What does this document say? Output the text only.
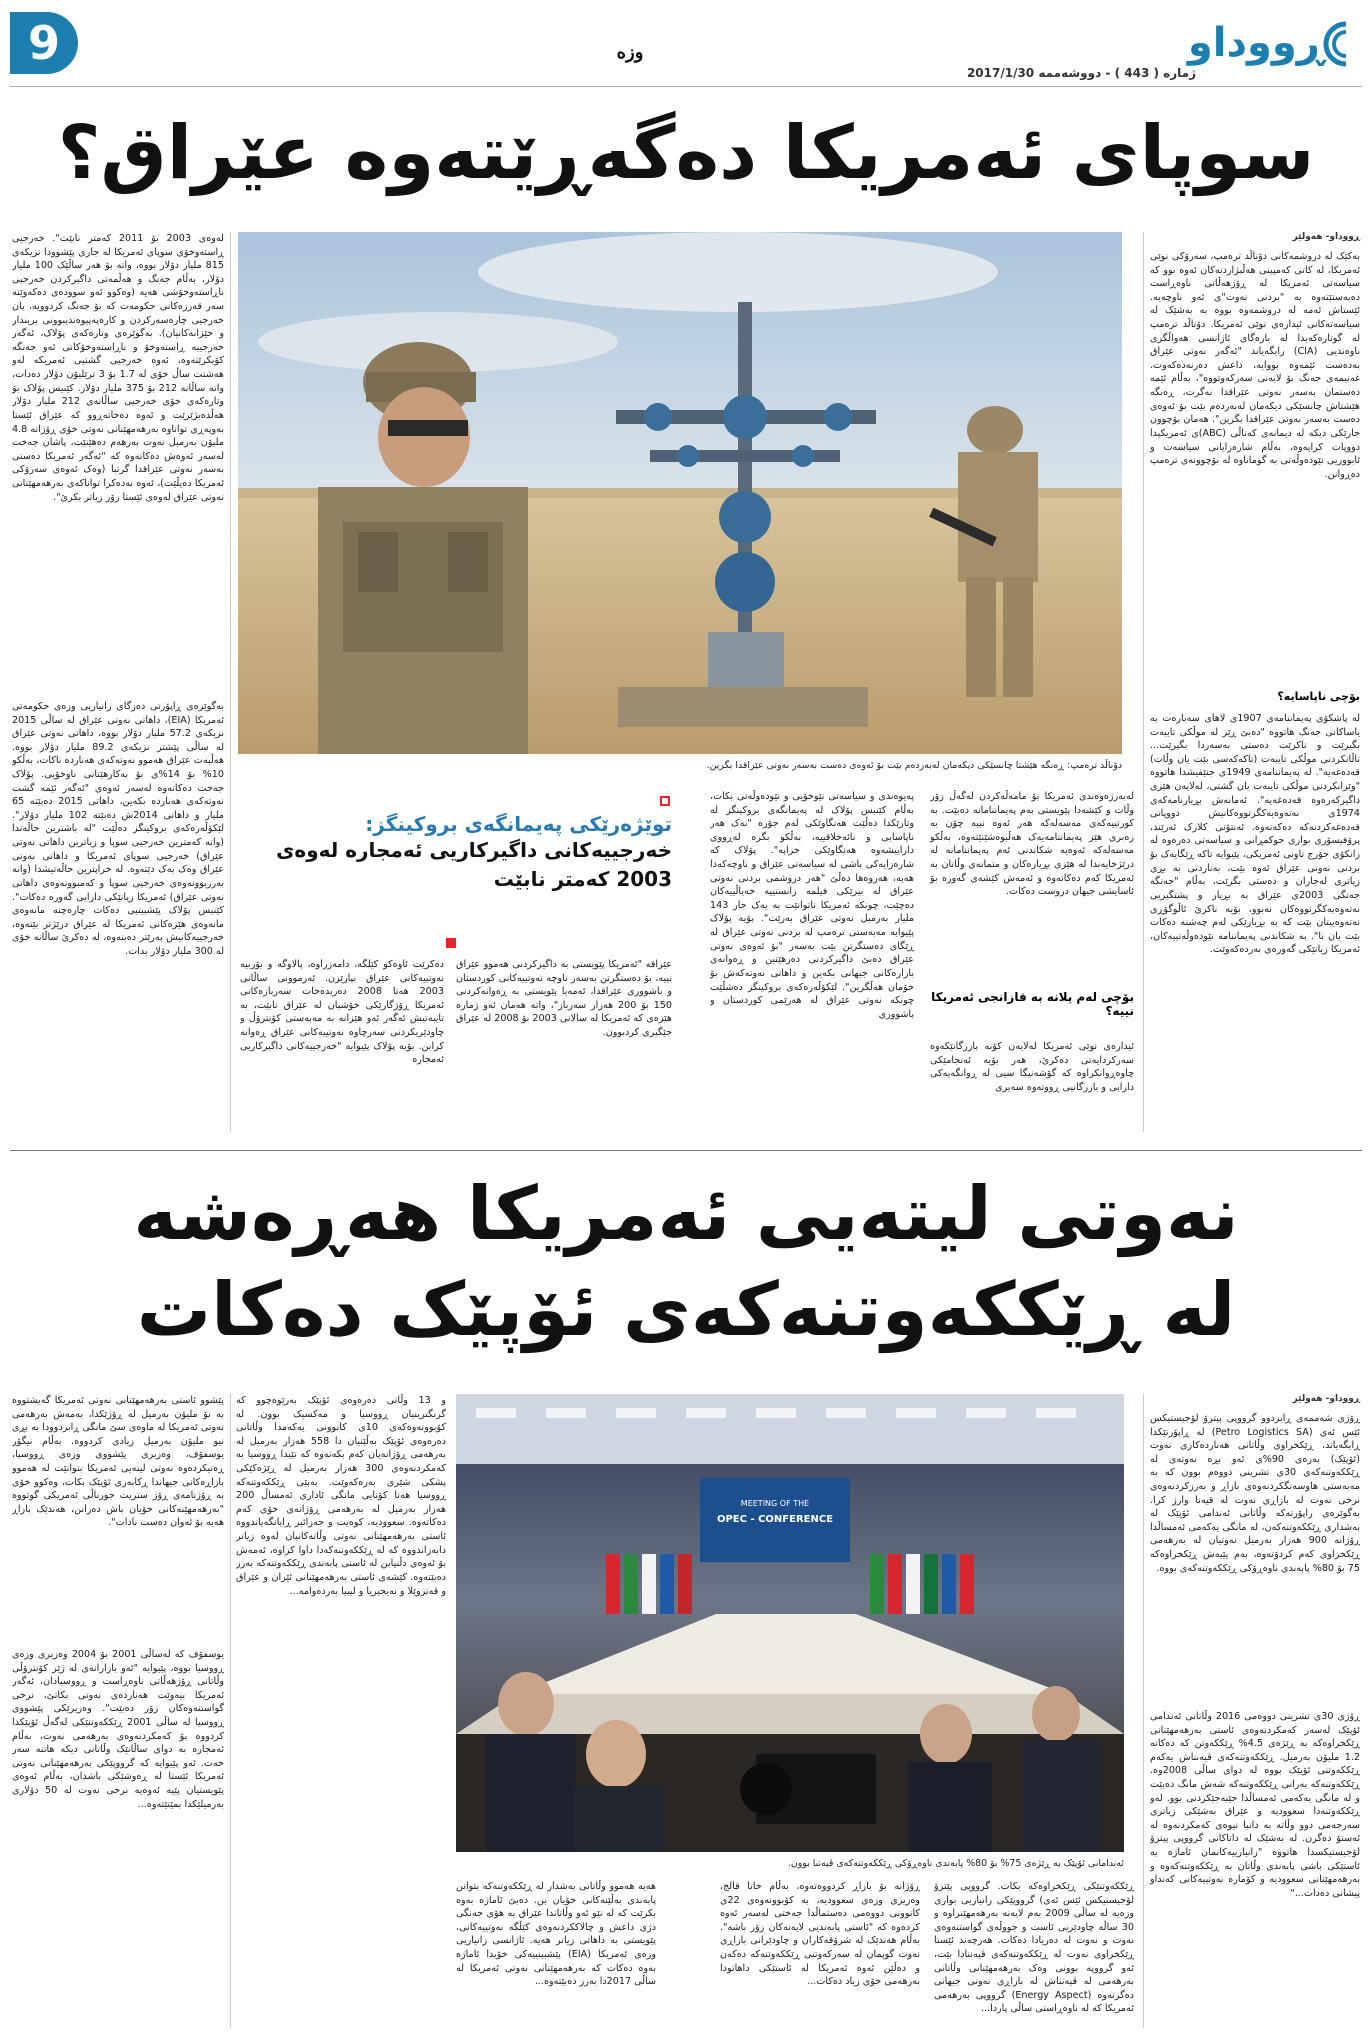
9	وزە	ڕووداو
ژمارە ( 443 ) - دووشەممە 2017/1/30
سوپای ئەمریکا دەگەڕێتەوە عێراق؟
ڕووداو- هەولێر
بەکێک لە دروشمەکانی دۆناڵد ترەمپ، سەرۆکی نوێی ئەمریکا، لە کاتی کەمپینی هەڵبژاردنەکان ئەوە بوو کە سیاسەتی ئەمریکا لە ڕۆژهەڵاتی ناوەڕاست دەبەستێتەوە بە "بردنی نەوت"ی ئەو ناوچەیە. ئێستاش ئەمە لە دروشمەوە بووە بە بەشێک لە سیاسەتەکانی ئیدارەی نوێی ئەمریکا. دۆناڵد ترەمپ لە گوتارەکەیدا لە بارەگای ئاژانسی هەواڵگری ناوەندیی (CIA) رایگەیاند "ئەگەر نەوتی عێراق بەدەست ئێمەوە بووایە، داعش دەرنەدەکەوت. غەنیمەی جەنگ بۆ لایەنی سەرکەوتووە"، بەڵام ئێمە دەستمان بەسەر نەوتی عێراقدا نەگرت، ڕەنگە هێشتاش چانسێکی دیکەمان لەبەردەم بێت بۆ ئەوەی دەست بەسەر نەوتی عێراقدا بگرین". هەمان بۆچوون جارێکی دیکە لە دیمانەی کەناڵی (ABC)ی ئەمریکیدا دووپات کرایەوە، بەڵام شارەزایانی سیاسەت و ئابووریی نێودەوڵەتی بە گوماناوە لە بۆچوونەی ترەمپ دەڕوانن.
بۆچی ناپاسایە؟
لە پاشکۆی پەیماننامەی 1907ی لاهای سەبارەت بە یاساکانی جەنگ هاتووە "دەبێ ڕێز لە موڵکی تایبەت بگیرێت و ناکرێت دەستی بەسەردا بگیرێت... تاڵانکردنی موڵکی تایبەت (تاکەکەسی بێت یان وڵات) قەدەغەیە". لە پەیماننامەی 1949ی جنێفیشدا هاتووە "وێرانکردنی موڵکی تایبەت یان گشتی، لەلایەن هێزی داگیرکەرەوە قەدەغەیە". ئەمانەش بڕیارنامەکەی 1974ی نەتەوەیەکگرتووەکانیش دووپاتی قەدەغەکردنەکە دەکەنەوە. ئەنتۆنی کلارک ئەرێند، پرۆفیسۆری بواری حوکمڕانی و سیاسەتی دەرەوە لە زانکۆی جۆرج تاونی ئەمریکی، پێیوایە تاکە ڕێگایەک بۆ بردنی نەوتی عێراق ئەوە بێت، بەناردنی بە بڕی زیاتری لەجاران و دەستی بگرێت، بەڵام "جەنگە جەنگی 2003ی عێراق بە بڕیار و پشتگیریی نەتەوەیەکگرتووەکان نەبوو، بۆیە ناکرێ ئاڵوگۆڕی نەتەوەییتان بێت کە بە بڕیارێکی لەم چەشنە دەکات بێت یان نا". بە شکاندنی پەیماننامە نێودەوڵەتییەکان، ئەمریکا زیانێکی گەورەی بەردەکەوێت.
دۆناڵد ترەمپ: ڕەنگە هێشتا چانسێکی دیکەمان لەبەردەم بێت بۆ ئەوەی دەست بەسەر نەوتی عێراقدا بگرین.
لەوەی 2003 بۆ 2011 کەمتر نابێت". خەرجیی ڕاستەوخۆی سوپای ئەمریکا لە جاری پێشوودا نزیکەی 815 ملیار دۆلار بووە، واتە بۆ هەر ساڵێک 100 ملیار دۆلار، بەڵام جەنگ و هەڵمەتی داگیرکردن خەرجیی ناڕاستەوخۆشی هەیە (وەکوو ئەو سوودەی دەکەوێتە سەر قەرزەکانی حکومەت کە بۆ جەنگ کردوویە، یان خەرجیی چارەسەرکردن و کارەپەپیوەندیبوونی بریندار و خێزانەکانیان). بەگوێرەی وتارەکەی پۆلاک، ئەگەر خەرجییە ڕاستەوخۆ و ناڕاستەوخۆکانی ئەو جەنگە کۆبکرێتەوە، ئەوە خەرجیی گشتیی ئەمریکە لەو هەشتت ساڵ خۆی لە 1.7 بۆ 3 ترێلیۆن دۆلار دەدات، واتە ساڵانە 212 بۆ 375 ملیار دۆلار. کێنیس پۆلاک بۆ وتارەکەی خۆی خەرجیی ساڵانەی 212 ملیار دۆلار هەڵدەبژێرێت و ئەوە دەخاتەڕوو کە عێراق ئێستا بەوپەڕی تواناوە بەرهەمهێنانی نەوتی خۆی ڕۆژانە 4.8 ملیۆن بەرمیل نەوت بەرهەم دەهێنێت، پاشان جەخت لەسەر ئەوەش دەکاتەوە کە "ئەگەر ئەمریکا دەستی بەسەر نەوتی عێراقدا گرتبا (وەک ئەوەی سەرۆکی ئەمریکا دەیڵێت)، ئەوە نەدەکرا تواناکەی بەرهەمهێنانی نەوتی عێراق لەوەی ئێستا زۆر زیاتر بکرێ".
بەگوێرەی ڕاپۆرتی دەزگای زانیاریی وزەی حکومەتی ئەمریکا (EIA)، داهاتی نەوتی عێراق لە ساڵی 2015 نزیکەی 57.2 ملیار دۆلار بووە، داهاتی نەوتی عێراق لە ساڵی پێشتر نزیکەی 89.2 ملیار دۆلار بووە. هەڵبەت عێراق هەموو نەوتەکەی هەناردە ناکات، بەڵکو 10% بۆ 14%ی بۆ بەکارهێنانی ناوخۆیی. پۆلاک جەخت دەکاتەوە لەسەر ئەوەی "ئەگەر ئێمە گشت نەوتەکەی هەناردە بکەین، داهاتی 2015 دەبێتە 65 ملیار و داهاتی 2014ش دەبێتە 102 ملیار دۆلار". لێکۆڵەرەکەی بروکینگز دەڵێت "لە باشترین حاڵەتدا (واتە کەمترین خەرجیی سوپا و زیاترین داهاتی نەوتی عێراق) خەرجیی سوپای ئەمریکا و داهاتی نەوتی عێراق وەک یەک دێتەوە. لە خراپترین حاڵەتیشدا (واتە بەرزبوونەوەی خەرجیی سوپا و کەمبوونەوەی داهاتی نەوتی عێراق) ئەمریکا زیانێکی دارایی گەورە دەکات". کێنیس پۆلاک پێشبینیی دەکات چارەچنە مانەوەی مانەوەی هێزەکانی ئەمریکا لە عێراق درێژتر بێتەوە، خەرجییەکانیش بەرێتر دەبنەوە، لە دەکرێ ساڵانە خۆی لە 300 ملیار دۆلار بدات.
لەبەرژەوەندی ئەمریکا بۆ مامەڵەکردن لەگەڵ زۆر وڵات و کێشەدا پێویستی بەم پەیماننامانە دەبێت. بە کورتییەکەی مەسەلەکە هەر ئەوە نییە چۆن بە زەبری هێز پەیماننامەیەک هەڵبوەشێنێتەوە، بەڵکو مەسەلەکە ئەوەیە شکاندنی ئەم پەیماننامانە لە درێژخایەندا لە هێزی بڕیارەکان و متمانەی وڵاتان بە ئەمریکا کەم دەکاتەوە و ئەمەش کێشەی گەورە بۆ ئاسایشی جیهان دروست دەکات.
بۆچی لەم پلانە بە قازانجی ئەمریکا نییە؟
ئیدارەی نوێی ئەمریکا لەلایەن کۆنە بازرگانێکەوە سەرکردایەتی دەکرێ، هەر بۆیە ئەنجامێکی چاوەڕوانکراوە کە گۆشەنیگا سیی لە ڕوانگەیەکی دارایی و بازرگانیی ڕووتەوە سەیری
پەیوەندی و سیاسەتی نێوخۆیی و نێودەوڵەتی بکات، بەڵام کێنیس پۆلاک لە پەیمانگەی بروکینگز لە وتارێکدا دەڵێت هەنگاوێکی لەم جۆرە "نەک هەر ناپاسایی و نائەخلاقییە، بەڵکو بگرە لەڕووی داراییشەوە هەنگاوێکی خراپە". پۆلاک کە شارەزایەکی باشی لە سیاسەتی عێراق و ناوچەکەدا هەیە، هەروەها دەڵێ "هەر دروشمی بردنی نەوتی عێراق لە بیرێکی فیلمە زانستییە خەیاڵییەکان دەچێت، چونکە ئەمریکا ناتوانێت بە یەک جار 143 ملیار بەرمیل نەوتی عێراق بەرێت". بۆیە پۆلاک پێیوایە مەبەستی ترەمپ لە بردنی نەوتی عێراق لە ڕێگای دەستگرتن بێت بەسەر "بۆ ئەوەی نەوتی عێراق دەبێ داگیرکردنی دەرهێنین و ڕەوانەی بازارەکانی جیهانی بکەین و داهاتی نەوتەکەش بۆ خۆمان هەڵگرین". لێکۆڵەرەکەی بروکینگز دەشڵێت چونکە نەوتی عێراق لە هەرێمی کوردستان و باشووری
توێژەرێکی پەیمانگەی بروکینگز:
خەرجییەکانی داگیرکاریی ئەمجارە لەوەی
2003 کەمتر نابێت
عێراقە "ئەمریکا پێویستی بە داگیرکردنی هەموو عێراق نییە، بۆ دەستگرتن بەسەر ناوچە نەوتییەکانی کوردستان و باشووری عێراقدا، ئەمەیا پێویستی بە ڕەوانەکردنی 150 بۆ 200 هەزار سەرباز"، واتە هەمان ئەو ژمارە هێزەی کە ئەمریکا لە سالانی 2003 بۆ 2008 لە عێراق جێگیری کردبوون.
دەکرێت ئاوەکو کێلگە، دامەزراوە، پالاوگە و بۆربیە نەوتییەکانی عێراق بپارێزن. ئەزموونی ساڵانی 2003 هەتا 2008 دەریدەخات سەربازەکانی ئەمریکا ڕۆژگارێکی خۆشیان لە عێراق نابێت، بە تایبەتیش ئەگەر ئەو هێزانە بە مەبەستی کۆنترۆڵ و چاودێریکردنی سەرچاوە نەوتییەکانی عێراق ڕەوانە کرابن. بۆیە پۆلاک پێیوایە "خەرجییەکانی داگیرکاریی ئەمجارە
نەوتی لیتەیی ئەمریکا هەڕەشە
لە ڕێککەوتنەکەی ئۆپێک دەکات
ڕووداو- هەولێر
ڕۆژی شەممەی ڕابردوو گرووپی پیترۆ لۆجیستیکس ئێس ئەی (Petro Logistics SA) لە ڕاپۆرتێکدا ڕایگەیاند، ڕێکخراوی وڵاتانی هەناردەکاری نەوت (ئۆپێک) بەرەی 90%ی ئەو بڕە نەوتەی لە ڕێککەوتنەکەی 30ی تشرینی دووەم بوون کە بە مەبەستی هاوسەنگکردنەوەی بازاڕ و بەرزکردنەوەی نرخی نەوت لە بازاڕی نەوت لە قیەنا وارژ کرا. بەگوێرەی راپۆرتەکە وڵاتانی ئەندامی ئۆپێک لە بەشداری ڕێککەوتنەکەن، لە مانگی یەکەمی ئەمساڵدا ڕۆژانە 900 هەزار بەرمیل نەوتیان لە بەرهەمی ڕێکخراوی کەم کردۆتەوە، بەم پێیەش ڕێکخراوەکە 75 بۆ 80% پابەندی ناوەڕۆکی ڕێککەوتنەکەی بووە.
ڕۆژی 30ی تشرینی دووەمی 2016 وڵاتانی ئەندامی ئۆپێک لەسەر کەمکردنەوەی ئاستی بەرهەمهێنانی ڕێکخراوەکە بە ڕێژەی 4.5% ڕێککەوتن کە دەکاتە 1.2 ملیۆن بەرمیل. ڕێککەوتنەکەی ڤیەنناش یەکەم ڕێککەوتنی ئۆپێک بووە لە دوای ساڵی 2008وە. ڕێککەوتنەکە بەرانی ڕێککەوتنەکە شەش مانگ دەبێت و لە مانگی یەکەمی ئەمساڵدا جێبەجێکردنی بوو. لەو ڕێککەوتنەدا سعوودیە و عێراق بەشێکی زیاتری سەرجەمی دوو وڵاتە بە دانیا نیوەی کەمکردنەوە لە ئەستۆ دەگرن. لە بەشێک لە داتاکانی گرووپی پیترۆ لۆجیستیکسدا هاتووە "زانیارییەکانمان ئاماژە بە ئاستێکی باشی پابەندی وڵاتان بە ڕێککەوتنەکەوە و بەرهەمهێنانی سعوودیە و کۆمارە نەوتییەکانی کەنداو پیشانی دەدات..."
MEETING OF THE
OPEC - CONFERENCE
ئەندامانی ئۆپێک بە ڕێژەی 75% بۆ 80% پابەندی ناوەڕۆکی ڕێککەوتنەکەی ڤیەننا بوون.
ڕێککەوتنێکی ڕێکخراوەکە بکات. گرووپی پێترۆ لۆجیستیکس ئێس ئەی) گرووپێکی زانیاریی بواری وزەیە لە ساڵی 2009 بەم لایەنە بەرهەمهێنراوە و 30 ساڵە چاودێریی ئاست و جووڵەی گواستنەوەی نەوت و نەوت لە دەریادا دەکات. هەرچەند ئێستا ڕێکخراوی نەوت لە ڕێککەوتنەکەی ڤیەننادا بێت، ئەو گرووپە بوونی وەک بەرهەمهێنانی وڵاتانی بەرهەمی لە ڤیەنناش لە بازاڕی نەوتی جیهانی دەگرنەوە (Energy Aspect) گرووپی بەرهەمی ئەمریکا کە لە ناوەڕاستی ساڵی پاردا...
ڕۆژانە بۆ بازاڕ کردووەتەوە، بەڵام خاتا قالج، وەزیری وزەی سعوودیە، بە کۆبوونەوەی 22ی کانوونی دووەمی دەستماڵدا جەختی لەسەر ئەوە کردەوە کە "ئاستی پابەندیی لایەنەکان زۆر باشە". بەڵام هەندێک لە شرۆڤەکاران و چاودێرانی بازاڕی نەوت گوپمان لە سەرکەوتنی ڕێککەوتنەکە دەکەن و دەڵێن ئەوە ئەمریکا لە ئاستێکی داهاتودا بەرهەمی خۆی زیاد دەکات...
هەیە هەموو وڵاتانی بەشدار لە ڕێککەوتنەکە بتوانن پابەندی بەڵێنەکانی خۆیان بن. دەبێ ئاماژە بەوە بکرێت کە لە نێو ئەو وڵاتاندا عێراق بە هۆی جەنگی دژی داعش و چالاککردنەوەی کێڵگە نەوتییەکانی، پێویستی بە داهاتی زیاتر هەیە. ئاژانسی زانیاریی وزەی ئەمریکا (EIA) پێشبینییەکی خۆیدا ئاماژە بەوە دەکات کە بەرهەمهێنانی نەوتی ئەمریکا لە ساڵی 2017دا بەرز دەبێتەوە...
و 13 وڵاتی دەرەوەی ئۆپێک بەرێوەچوو کە گرنگترینیان ڕووسیا و مەکسیک بوون. لە کۆبوونەوەکەی 10ی کانوونی یەکەمدا وڵاتانی دەرەوەی ئۆپێک بەڵێنیان دا 558 هەزار بەرمیل لە بەرهەمی ڕۆژانەیان کەم بکەنەوە کە تێیدا ڕووسیا بە کەمکردنەوەی 300 هەزار بەرمیل لە ڕێژەکێکی پشکی شێری بەرەکەوێت. بەپێی ڕێککەوتنەکە ڕووسیا هەتا کۆتایی مانگی ئاداری ئەمساڵ 200 هەزار بەرمیل لە بەرهەمی ڕۆژانەی خۆی کەم دەکاتەوە. سعوودیە، کوەیت و جەزائیر ڕایانگەیاندووە ئاستی بەرهەمهێنانی نەوتی وڵاتەکانیان لەوە زیاتر دابەزاندووە کە لە ڕێککەوتنەکەدا داوا کراوە، ئەمەش بۆ ئەوەی دڵنیابن لە ئاستی پابەندی ڕێککەوتنەکە بەرز دەبێتەوە. کێشەی ئاستی بەرهەمهێنانی ئێران و عێراق و ڤەنزوێلا و نەیجیریا و لیبیا بەردەوامە...
پێشوو ئاستی بەرهەمهێنانی نەوتی ئەمریکا گەیشتووە بە نۆ ملیۆن بەرمیل لە ڕۆژێکدا، بەمەش بەرهەمی نەوتی ئەمریکا لە ماوەی سێ مانگی ڕابردوودا بە بڕی نیو ملیۆن بەرمیل زیادی کردووە. بەڵام نیگۆر یوسفۆف، وەزیری پێشووی وزەی ڕووسیا، ڕەتیکردەوە نەوتی لیتەیی ئەمریکا بتوانێت لە هەموو بازاڕەکانی جیهاندا ڕکابەری ئۆپێک بکات، وەکوو خۆی بە ڕۆژنامەی ڕۆژ ستریت جورناڵی ئەمریکی گوتووە "بەرهەمهێنەکانی خۆیان باش دەزانن، هەندێک بازاڕ هەیە بۆ ئەوان دەست نادات".
یوسفۆف کە لەساڵی 2001 بۆ 2004 وەزیری وزەی ڕووسیا بووە، پێیوایە "ئەو بازارانەی لە ژێر کۆنترۆڵی وڵاتانی ڕۆژهەڵاتی ناوەڕاست و ڕووسیادان، ئەگەر ئەمریکا بیەوێت هەناردەی نەوتی بکاتێ، نرخی گواستنەوەکان زۆر دەبێت". وەزیرێکی پێشووی ڕووسیا لە ساڵی 2001 ڕێککەوتنێکی لەگەڵ ئۆپێکدا کردووە بۆ کەمکردنەوەی بەرهەمی نەوت، بەڵام ئەمجارە بە دوای ساڵانێک وڵاتانی دیکە هاتنە سەر خەت. ئەو پێیوایە کە گرووپێکی بەرهەمهێنانی نەوتی ئەمریکا ئێستا لە ڕەوشێکی باشدان، بەڵام ئەوەی پێویستیان پێیە ئەوەیە نرخی نەوت لە 50 دۆلاری بەرمیلێکدا بمێنێتەوە...
